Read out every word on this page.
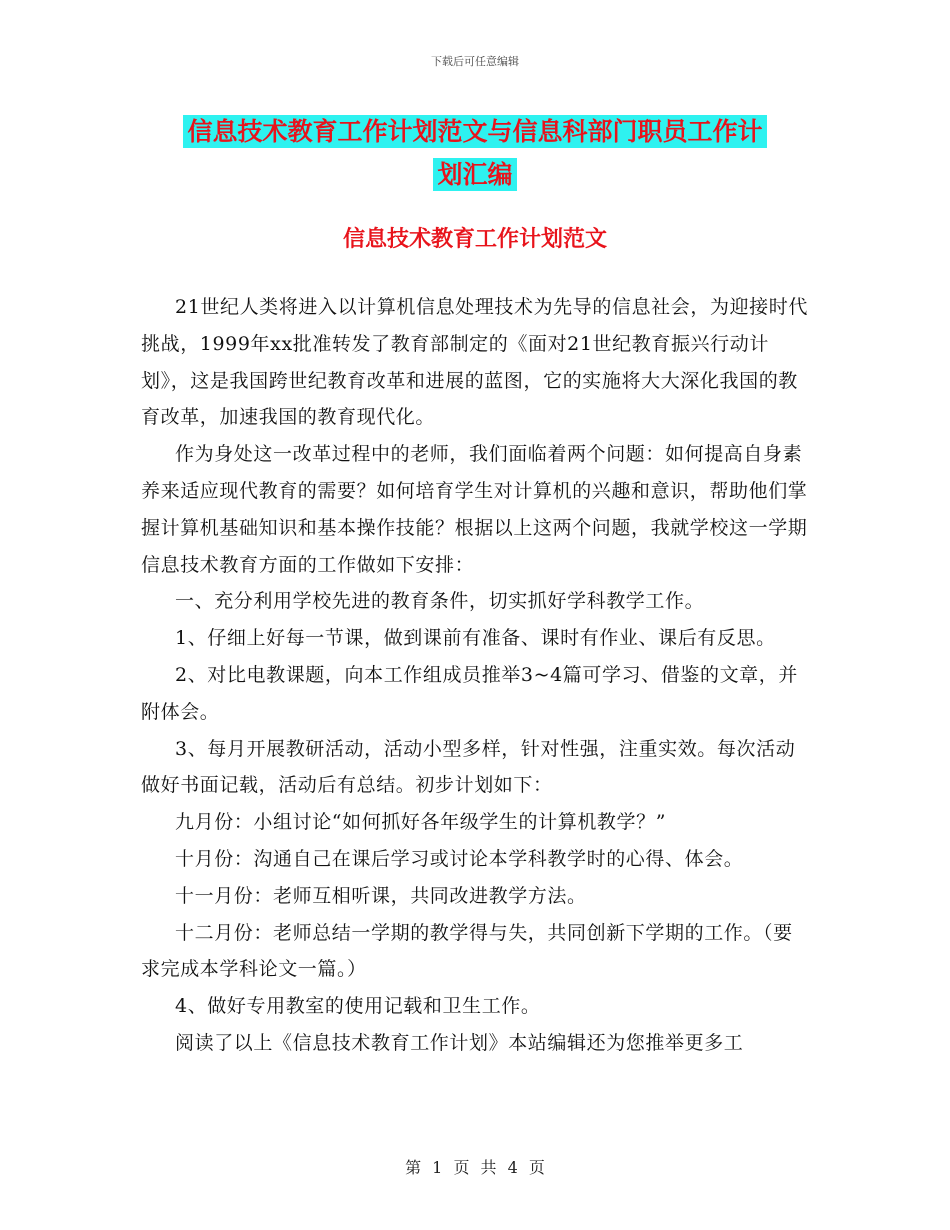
下载后可任意编辑
信息技术教育工作计划范文与信息科部门职员工作计
划汇编
信息技术教育工作计划范文

21世纪人类将进入以计算机信息处理技术为先导的信息社会，为迎接时代挑战，1999年xx批准转发了教育部制定的《面对21世纪教育振兴行动计划》，这是我国跨世纪教育改革和进展的蓝图，它的实施将大大深化我国的教育改革，加速我国的教育现代化。

作为身处这一改革过程中的老师，我们面临着两个问题：如何提高自身素养来适应现代教育的需要？如何培育学生对计算机的兴趣和意识，帮助他们掌握计算机基础知识和基本操作技能？根据以上这两个问题，我就学校这一学期信息技术教育方面的工作做如下安排：

一、充分利用学校先进的教育条件，切实抓好学科教学工作。

1、仔细上好每一节课，做到课前有准备、课时有作业、课后有反思。

2、对比电教课题，向本工作组成员推举3~4篇可学习、借鉴的文章，并附体会。

3、每月开展教研活动，活动小型多样，针对性强，注重实效。每次活动做好书面记载，活动后有总结。初步计划如下：

九月份：小组讨论“如何抓好各年级学生的计算机教学？”

十月份：沟通自己在课后学习或讨论本学科教学时的心得、体会。

十一月份：老师互相听课，共同改进教学方法。

十二月份：老师总结一学期的教学得与失，共同创新下学期的工作。（要求完成本学科论文一篇。）

4、做好专用教室的使用记载和卫生工作。

阅读了以上《信息技术教育工作计划》本站编辑还为您推举更多工

第 1 页 共 4 页
